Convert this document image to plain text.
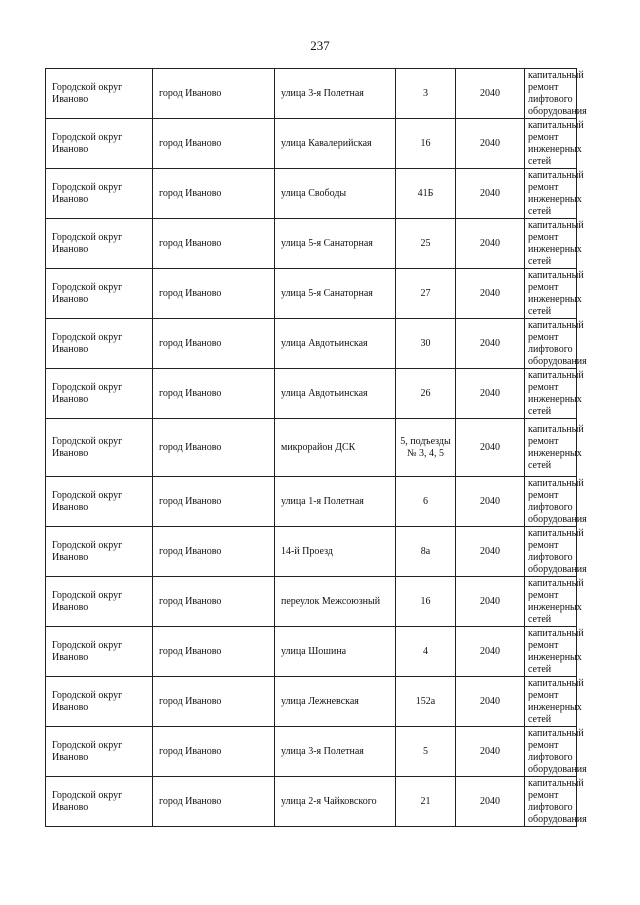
237
Городской округ Иваново	город Иваново	улица 3-я Полетная	3	2040	капитальный ремонт лифтового оборудования
Городской округ Иваново	город Иваново	улица Кавалерийская	16	2040	капитальный ремонт инженерных сетей
Городской округ Иваново	город Иваново	улица Свободы	41Б	2040	капитальный ремонт инженерных сетей
Городской округ Иваново	город Иваново	улица 5-я Санаторная	25	2040	капитальный ремонт инженерных сетей
Городской округ Иваново	город Иваново	улица 5-я Санаторная	27	2040	капитальный ремонт инженерных сетей
Городской округ Иваново	город Иваново	улица Авдотьинская	30	2040	капитальный ремонт лифтового оборудования
Городской округ Иваново	город Иваново	улица Авдотьинская	26	2040	капитальный ремонт инженерных сетей
Городской округ Иваново	город Иваново	микрорайон ДСК	5, подъезды № 3, 4, 5	2040	капитальный ремонт инженерных сетей
Городской округ Иваново	город Иваново	улица 1-я Полетная	6	2040	капитальный ремонт лифтового оборудования
Городской округ Иваново	город Иваново	14-й Проезд	8а	2040	капитальный ремонт лифтового оборудования
Городской округ Иваново	город Иваново	переулок Межсоюзный	16	2040	капитальный ремонт инженерных сетей
Городской округ Иваново	город Иваново	улица Шошина	4	2040	капитальный ремонт инженерных сетей
Городской округ Иваново	город Иваново	улица Лежневская	152а	2040	капитальный ремонт инженерных сетей
Городской округ Иваново	город Иваново	улица 3-я Полетная	5	2040	капитальный ремонт лифтового оборудования
Городской округ Иваново	город Иваново	улица 2-я Чайковского	21	2040	капитальный ремонт лифтового оборудования
